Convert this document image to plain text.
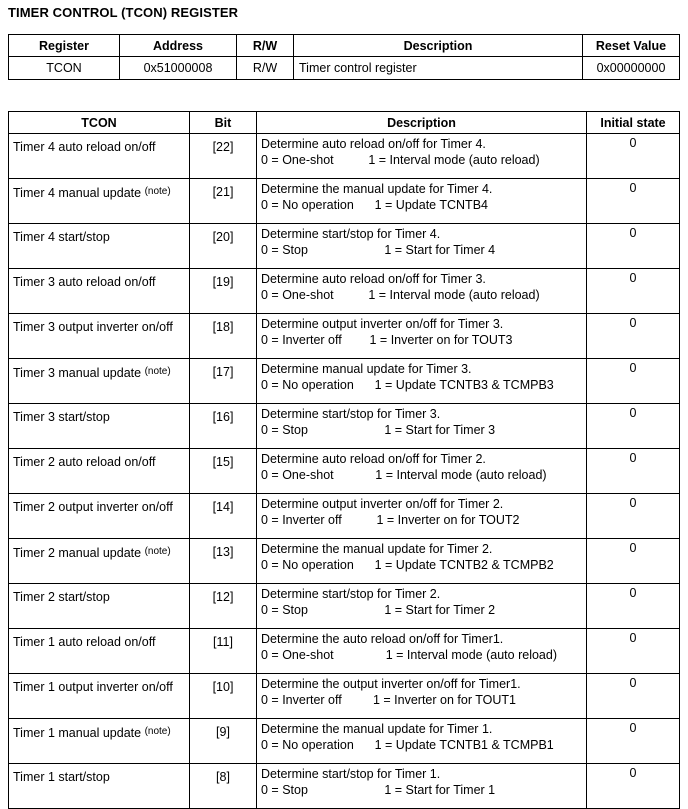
TIMER CONTROL (TCON) REGISTER
Register	Address	R/W	Description	Reset Value
TCON	0x51000008	R/W	Timer control register	0x00000000
TCON	Bit	Description	Initial state
Timer 4 auto reload on/off	[22]	Determine auto reload on/off for Timer 4.
0 = One-shot          1 = Interval mode (auto reload)	0
Timer 4 manual update $^{(note)}$	[21]	Determine the manual update for Timer 4.
0 = No operation      1 = Update TCNTB4	0
Timer 4 start/stop	[20]	Determine start/stop for Timer 4.
0 = Stop                      1 = Start for Timer 4	0
Timer 3 auto reload on/off	[19]	Determine auto reload on/off for Timer 3.
0 = One-shot          1 = Interval mode (auto reload)	0
Timer 3 output inverter on/off	[18]	Determine output inverter on/off for Timer 3.
0 = Inverter off        1 = Inverter on for TOUT3	0
Timer 3 manual update $^{(note)}$	[17]	Determine manual update for Timer 3.
0 = No operation      1 = Update TCNTB3 & TCMPB3	0
Timer 3 start/stop	[16]	Determine start/stop for Timer 3.
0 = Stop                      1 = Start for Timer 3	0
Timer 2 auto reload on/off	[15]	Determine auto reload on/off for Timer 2.
0 = One-shot            1 = Interval mode (auto reload)	0
Timer 2 output inverter on/off	[14]	Determine output inverter on/off for Timer 2.
0 = Inverter off          1 = Inverter on for TOUT2	0
Timer 2 manual update $^{(note)}$	[13]	Determine the manual update for Timer 2.
0 = No operation      1 = Update TCNTB2 & TCMPB2	0
Timer 2 start/stop	[12]	Determine start/stop for Timer 2.
0 = Stop                      1 = Start for Timer 2	0
Timer 1 auto reload on/off	[11]	Determine the auto reload on/off for Timer1.
0 = One-shot               1 = Interval mode (auto reload)	0
Timer 1 output inverter on/off	[10]	Determine the output inverter on/off for Timer1.
0 = Inverter off         1 = Inverter on for TOUT1	0
Timer 1 manual update $^{(note)}$	[9]	Determine the manual update for Timer 1.
0 = No operation      1 = Update TCNTB1 & TCMPB1	0
Timer 1 start/stop	[8]	Determine start/stop for Timer 1.
0 = Stop                      1 = Start for Timer 1	0
